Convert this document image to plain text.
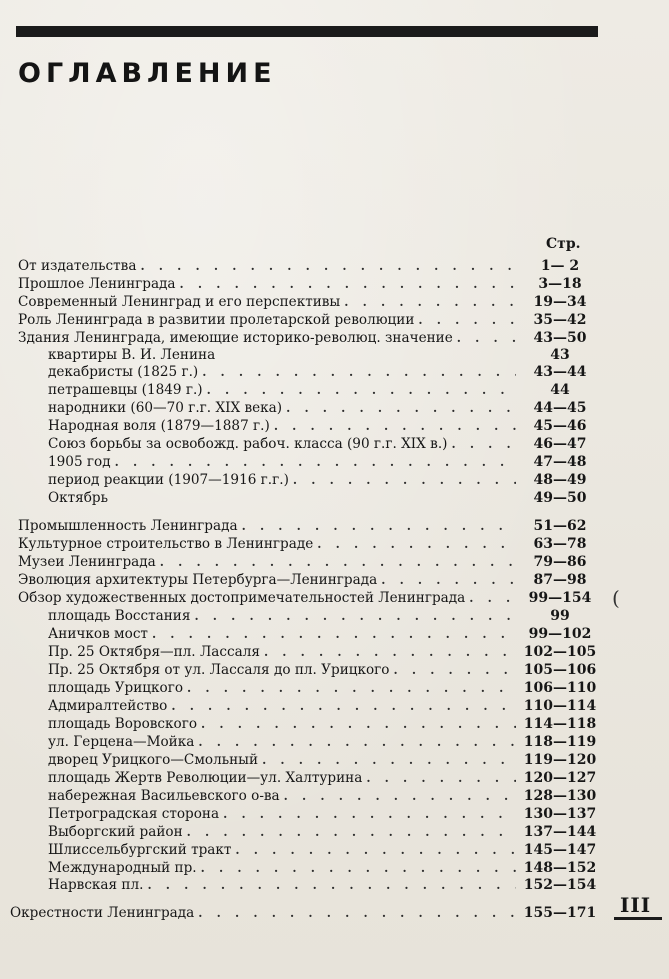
ОГЛАВЛЕНИЕ
Стр.
От издательства . . .	1— 2
Прошлое Ленинграда . . .	3—18
Современный Ленинград и его перспективы . . .	19—34
Роль Ленинграда в развитии пролетарской революции . . .	35—42
Здания Ленинграда, имеющие историко-революц. значение . . .	43—50
квартиры В. И. Ленина	43
декабристы (1825 г.) . . .	43—44
петрашевцы (1849 г.) . . .	44
народники (60—70 г.г. XIX века) . . .	44—45
Народная воля (1879—1887 г.) . . .	45—46
Союз борьбы за освобожд. рабоч. класса (90 г.г. XIX в.) . . .	46—47
1905 год . . .	47—48
период реакции (1907—1916 г.г.) . . .	48—49
Октябрь	49—50
Промышленность Ленинграда . . .	51—62
Культурное строительство в Ленинграде . . .	63—78
Музеи Ленинграда . . .	79—86
Эволюция архитектуры Петербурга—Ленинграда . . .	87—98
Обзор художественных достопримечательностей Ленинграда . . .	99—154
площадь Восстания . . .	99
Аничков мост . . .	99—102
Пр. 25 Октября—пл. Лассаля . . .	102—105
Пр. 25 Октября от ул. Лассаля до пл. Урицкого . . .	105—106
площадь Урицкого . . .	106—110
Адмиралтейство . . .	110—114
площадь Воровского . . .	114—118
ул. Герцена—Мойка . . .	118—119
дворец Урицкого—Смольный . . .	119—120
площадь Жертв Революции—ул. Халтурина . . .	120—127
набережная Васильевского о-ва . . .	128—130
Петроградская сторона . . .	130—137
Выборгский район . . .	137—144
Шлиссельбургский тракт . . .	145—147
Международный пр. . . .	148—152
Нарвская пл. . . .	152—154
Окрестности Ленинграда . . .	155—171
(
III
